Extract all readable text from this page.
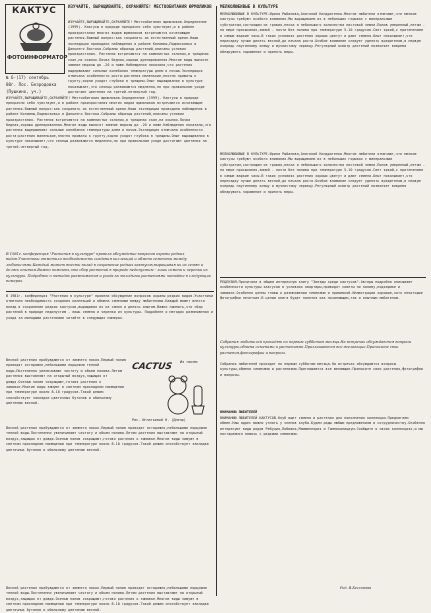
КАКТУС
ФОТОИНФОРМАТОР
№ 6-(17) сентябрь
80г. Пос. Безродовка
(Пушкино, уч.)
ИЗУЧАЙТЕ, ВЫРАЩИВАЙТЕ, ОХРАНЯЙТЕ! МЕСТООБИТАНИЯ ЮРМОЛИКОВ
ИЗУЧАЙТЕ,ВЫРАЩИВАЙТЕ,ОХРАНЯЙТЕ! Местообитания юрмоликов.Определение (1999). Кактусы в природе прекрасно себя чувствуют,и в районе произрастания многих видов юрмоликов встречаются исчезающие растения.Важный вопрос:как сохранить их естественный ареал.Наши экспедиции проводили наблюдения в районе Коломны,Подмосковья и Дальнего Востока.Собраны образцы растений,описаны условия произрастания. Растения встречаются на каменистых склонах,в трещинах скал,на осыпях.Почва бедная,хорошо дренированная.Многие виды выносят зимние морозы до -20 и ниже.Наблюдения показали,что растения выдерживают сильные колебания температуры днем и ночью.Экспедиция отмечала особенности роста:растения маленькие,плотно прижаты к грунту,корни уходят глубоко в трещины.Опыт выращивания в культуре показывает,что сеянцы развиваются медленно,но при правильном уходе достигают цветения на третий-четвертый год.
ИЗУЧАЙТЕ,ВЫРАЩИВАЙТЕ,ОХРАНЯЙТЕ! Местообитания юрмоликов.Определение (1999). Кактусы в природе прекрасно себя чувствуют,и в районе произрастания многих видов юрмоликов встречаются исчезающие растения.Важный вопрос:как сохранить их естественный ареал.Наши экспедиции проводили наблюдения в районе Коломны,Подмосковья и Дальнего Востока.Собраны образцы растений,описаны условия произрастания. Растения встречаются на каменистых склонах,в трещинах скал,на осыпях.Почва бедная,хорошо дренированная.Многие виды выносят зимние морозы до -20 и ниже.Наблюдения показали,что растения выдерживают сильные колебания температуры днем и ночью.Экспедиция отмечала особенности роста:растения маленькие,плотно прижаты к грунту,корни уходят глубоко в трещины.Опыт выращивания в культуре показывает,что сеянцы развиваются медленно,но при правильном уходе достигают цветения на третий-четвертый год.
МЕЛКОЛЮБИВЫЕ В КУЛЬТУРЕ
МЕЛКОЛЮБИВЫЕ В КУЛЬТУРЕ.Ирина Рыбалова,Анатолий Кондратенко.Многие любители отмечают,что мелкие кактусы требуют особого внимания.Мы выращиваем их в небольших горшках с минеральным субстратом,состоящим из гравия,песка и небольшого количества листовой земли.Полив умеренный,летом - по мере просыхания,зимой - почти без полива при температуре 5-10 градусов.Свет яркий,с притенением в самые жаркие часы.В таких условиях растения хорошо цветут и дают семена.Опыт показывает,что пересадку лучше делать весной,до начала роста.Особое внимание следует уделять вредителям,в первую очередь паутинному клещу и мучнистому червецу.Регулярный осмотр растений позволяет вовремя обнаружить заражение и принять меры.
МЕЛКОЛЮБИВЫЕ В КУЛЬТУРЕ.Ирина Рыбалова,Анатолий Кондратенко.Многие любители отмечают,что мелкие кактусы требуют особого внимания.Мы выращиваем их в небольших горшках с минеральным субстратом,состоящим из гравия,песка и небольшого количества листовой земли.Полив умеренный,летом - по мере просыхания,зимой - почти без полива при температуре 5-10 градусов.Свет яркий,с притенением в самые жаркие часы.В таких условиях растения хорошо цветут и дают семена.Опыт показывает,что пересадку лучше делать весной,до начала роста.Особое внимание следует уделять вредителям,в первую очередь паутинному клещу и мучнистому червецу.Регулярный осмотр растений позволяет вовремя обнаружить заражение и принять меры.
В 1981г. конференция "Растения в культуре" провела обсуждение вопросов охраны редких видов.Участники отметили необходимость создания коллекций и обмена семенами между любителями.Каждый может внести вклад в сохранение редких кактусов,выращивая их из семян и делясь опытом.Важно помнить,что сбор растений в природе недопустим - лишь семена и черенки из культуры. Подробнее о методах размножения и ухода за молодыми растениями читайте в следующих номерах.
В 1981г. конференция "Растения в культуре" провела обсуждение вопросов охраны редких видов.Участники отметили необходимость создания коллекций и обмена семенами между любителями.Каждый может внести вклад в сохранение редких кактусов,выращивая их из семян и делясь опытом.Важно помнить,что сбор растений в природе недопустим - лишь семена и черенки из культуры. Подробнее о методах размножения и ухода за молодыми растениями читайте в следующих номерах.
РЕЦЕНЗИЯ.Прочитала в общем интересную книгу "Звезды среди кактусов".Авторы подробно описывают особенности культуры кактусов в условиях квартиры,приводят советы по поливу,подкормке и зимовке.Особенно ценны главы о размножении семенами и прививкой.Иллюстрации хорошие,хотя некоторые фотографии нечеткие.В целом книга будет полезна как начинающим,так и опытным любителям.
Собрания любителей проходят по первым субботам месяца.На встречах обсуждаются вопросы культуры,обмена семенами и растениями.Приглашаются все желающие.Приносите свои растения,фотографии и вопросы.
Собрания любителей проходят по первым субботам месяца.На встречах обсуждаются вопросы культуры,обмена семенами и растениями.Приглашаются все желающие.Приносите свои растения,фотографии и вопросы.
CACTUS Из писем
Весной растения пробуждаются от зимнего покоя.Первый полив проводят осторожно,небольшими порциями теплой воды.Постепенно увеличивают частоту и объем полива.Летом растения выставляют на открытый воздух,защищая от дождя.Осенью полив сокращают,готовя растения к зимовке.Многие виды зимуют в светлом прохладном помещении при температуре около 8-10 градусов.Такой режим способствует закладке цветочных бутонов и обильному цветению весной.
Рис. Игнатьевой Н. (Днепр)
Весной растения пробуждаются от зимнего покоя.Первый полив проводят осторожно,небольшими порциями теплой воды.Постепенно увеличивают частоту и объем полива.Летом растения выставляют на открытый воздух,защищая от дождя.Осенью полив сокращают,готовя растения к зимовке.Многие виды зимуют в светлом прохладном помещении при температуре около 8-10 градусов.Такой режим способствует закладке цветочных бутонов и обильному цветению весной.
Весной растения пробуждаются от зимнего покоя.Первый полив проводят осторожно,небольшими порциями теплой воды.Постепенно увеличивают частоту и объем полива.Летом растения выставляют на открытый воздух,защищая от дождя.Осенью полив сокращают,готовя растения к зимовке.Многие виды зимуют в светлом прохладном помещении при температуре около 8-10 градусов.Такой режим способствует закладке цветочных бутонов и обильному цветению весной.
ВНИМАНИЮ ЛЮБИТЕЛЕЙ
ВНИМАНИЮ ЛЮБИТЕЛЕЙ КАКТУСОВ.Клуб ищет семена и растения для пополнения коллекции.Предлагаем обмен.Наш адрес можно узнать у членов клуба.Будем рады любым предложениям и сотрудничеству.Особенно интересуют виды родов Ребуция,Лобивия,Маммиллярия и Гимнокалициум.Сообщите о своих коллекциях,и мы постараемся помочь с редкими семенами.
Ред. В.Бессонова
